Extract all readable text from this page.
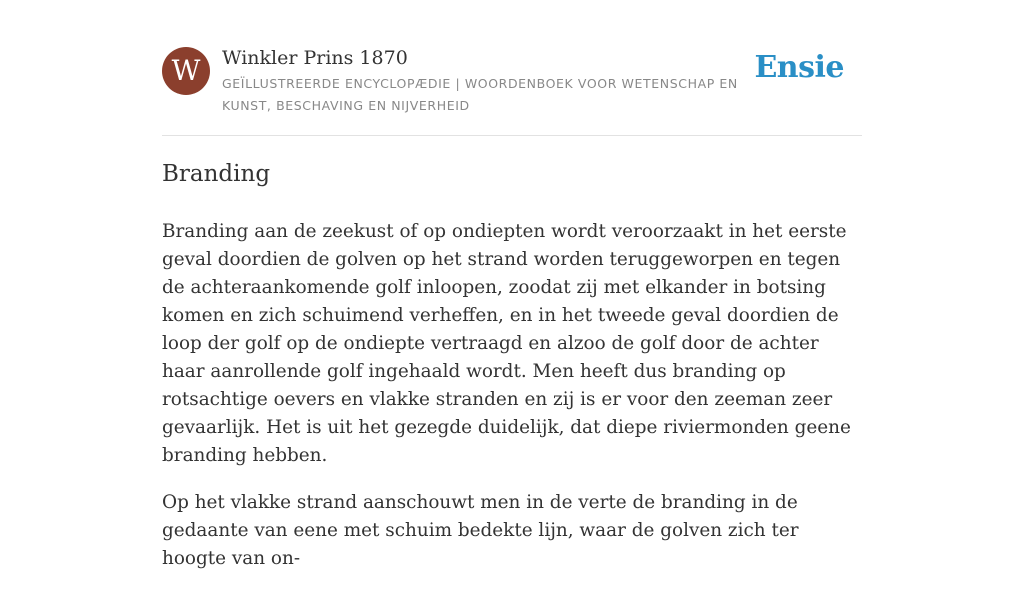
W	Winkler Prins 1870

GEÏLLUSTREERDE ENCYCLOPÆDIE | WOORDENBOEK VOOR WETENSCHAP EN KUNST, BESCHAVING EN NIJVERHEID

Ensie
Branding

Branding aan de zeekust of op ondiepten wordt veroorzaakt in het eerste geval doordien de golven op het strand worden teruggeworpen en tegen de achteraankomende golf inloopen, zoodat zij met elkander in botsing komen en zich schuimend verheffen, en in het tweede geval doordien de loop der golf op de ondiepte vertraagd en alzoo de golf door de achter haar aanrollende golf ingehaald wordt. Men heeft dus branding op rotsachtige oevers en vlakke stranden en zij is er voor den zeeman zeer gevaarlijk. Het is uit het gezegde duidelijk, dat diepe riviermonden geene branding hebben.

Op het vlakke strand aanschouwt men in de verte de branding in de gedaante van eene met schuim bedekte lijn, waar de golven zich ter hoogte van on-
